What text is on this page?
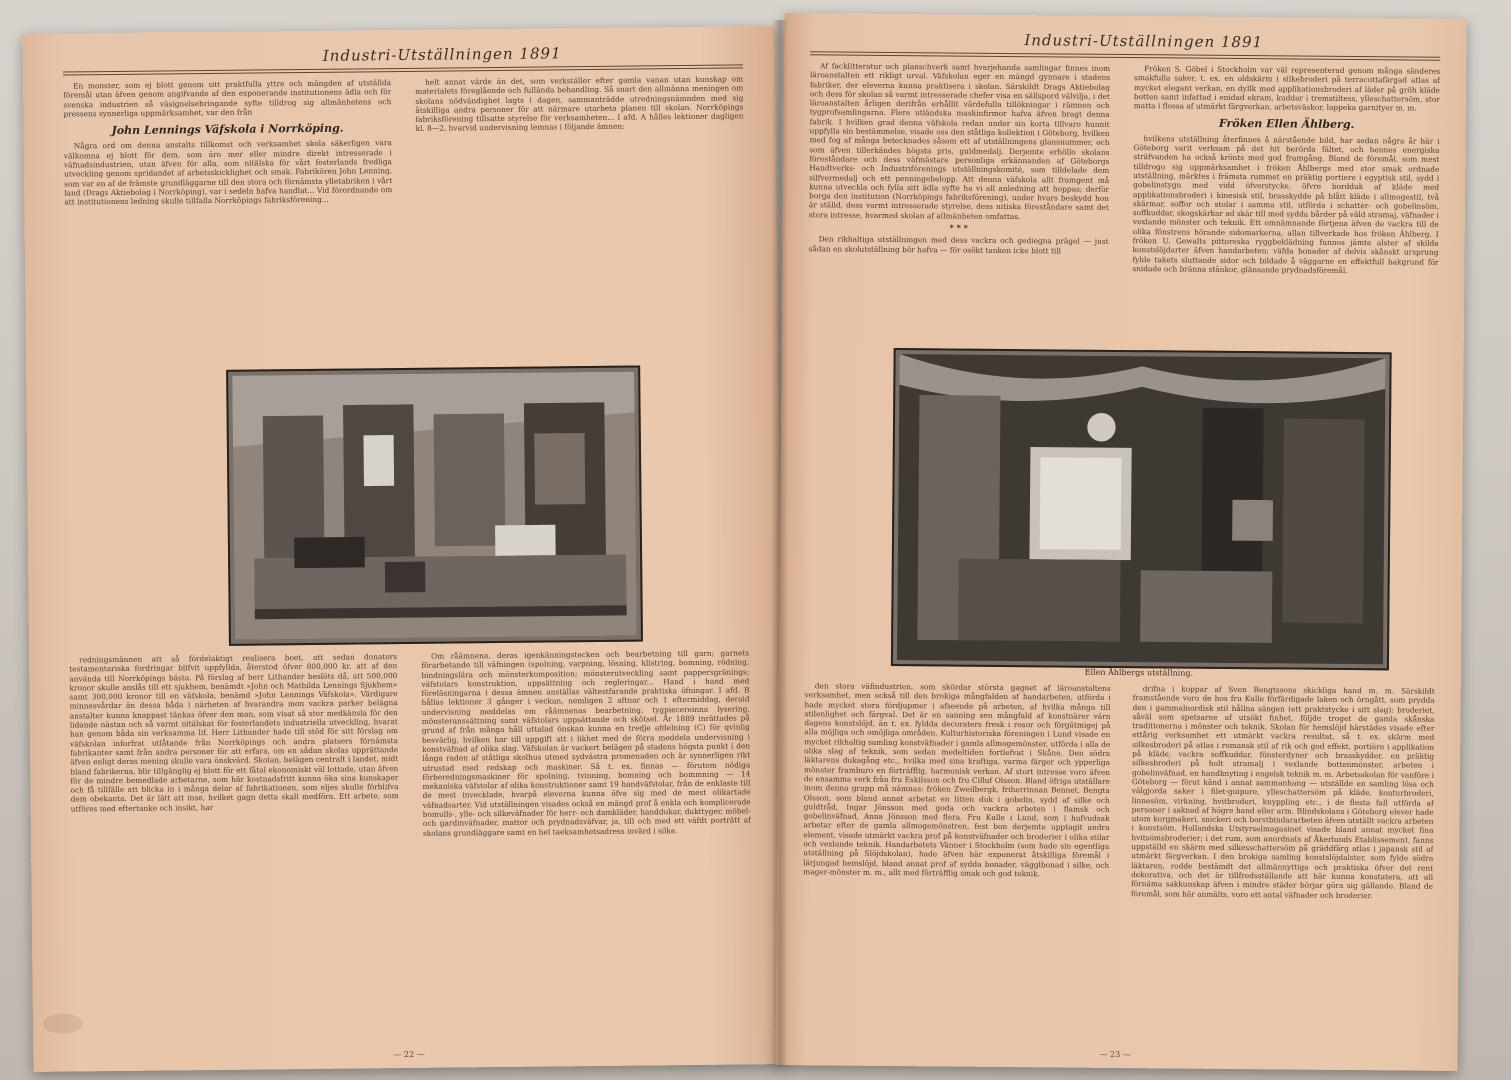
Industri-Utställningen 1891

En monster, som ej blott genom sitt praktfulla yttre och mängden af utställda föremål utan äfven genom angifvande af den exponerande institutionens ädla och för svenska industrien så väsignelsebringande syfte tilldrog sig allmänhetens och pressens synnerliga uppmärksamhet, var den från

John Lennings Väfskola i Norrköping.

Några ord om denna anstalts tillkomst och verksamhet skola säkerligen vara välkomna ej blott för dem, som äro mer eller mindre direkt intresserade i väfnadsindustrien, utan äfven för alla, som nitälska för vårt fosterlands fredliga utveckling genom spridandet af arbetsskicklighet och smak. Fabrikören John Lenning, som var en af de främste grundläggarne till den stora och förnämsta ylletabriken i vårt land (Drags Aktiebolag i Norrköping), var i sedeln hafva handlat... Vid förordnande om att institutionens ledning skulle tillfalla Norrköpings fabriksförening...

helt annat värde än det, som verkställer efter gamla vanan utan kunskap om materialets föreglående och fullända behandling. Så snart den allmänna meningen om skolans nödvändighet lagts i dagen, sammanträdde utredningsnämnden med sig åtskilliga andra personer för att närmare utarbeta planen till skolan. Norrköpings fabriksförening tillsatte styrelse för verksamheten... I afd. A hålles lektioner dagligen kl. 8—2, hvarvid undervisning lemnas i följande ämnen:

redningsmännen att så fördelaktigt realisera boet, att sedan donators testamentariska fordringar blifvit uppfyllda, återstod öfver 800,000 kr. att af den använda till Norrköpings bästa. På förslag af herr Lithander beslöts då, att 500,000 kronor skulle anslås till ett sjukhem, benämdt »John och Mathilda Lennings Sjukhem» samt 300,000 kronor till en väfskola, benämd »John Lennings Väfskola». Värdigare minnesvårdar än dessa båda i närheten af hvarandra mon vackra parker belägna anstalter kunna knappast tänkas öfver den man, som visat så stor medkänsla för den lidande nästan och så varmt nitälskat för fosterlandets industriella utveckling, hvarat han genom båda sin verksamma lif. Herr Lithander hade till stöd för sitt förslag om väfskolan inforfrat utlåtande från Norrköpings och andra platsers förnämsta fabrikanter samt från andra personer för att erfara, om en sådan skolas upprättande äfven enligt deras mening skulle vara önskvärd. Skolan, belägen centralt i landet, midt bland fabrikerna, blir tillgänglig ej blott för ett fåtal ekonomiskt väl lottade, utan äfven för de mindre bemedlade arbetarne, som här kostnadsfritt kunna öka sina kunskaper och få tillfälle att blicka in i många delar af fabrikationen, som eljes skulle förblifva dem obekanta. Det är lätt att inse, hvilket gagn detta skall medföra. Ett arbete, som utföres med eftertanke och insikt, har

Om råämnena, deras igenkänningstecken och bearbetning till garn; garnets förarbetande till väfningen (spolning, varpning, lösning, klistring, bomning, rödning, bindningslära och mönsterkomposition; mönsterutveckling samt pappersgränings; väfstolars konstruktion, uppsättning och regleringar... Hand i hand med föreläsningarna i dessa ämnen anställas vältestfarande praktiska öfningar. I afd. B hållas lektioner 3 gånger i veckan, nemligen 2 aftnar och 1 eftermiddag, deraid undervisning meddelas om råämnenas bearbetning, tygpiecereinna lysering, mönsteranssättning samt väfstolars uppsättande och skötsel. År 1889 inrättades på grund af från många håll uttalad önskan kunna en tredje afdelning (C) för qvinlig besvärlig, hvilken har till uppgift att i likhet med de förra meddela undervisning i konstväfnad af olika slag. Väfskolan är vackert belägen på stadens högsta punkt i den långa raden af ståtliga skolhus utmed sydvästra promenaden och är synnerligen rikt utrustad med redskap och maskiner. Så t. ex. finnas — förutom nödiga förberedningsmaskiner för spolning, tvinning, bomning och bommning — 14 mekaniska väfstolar af olika konstruktioner samt 19 handväfstolar, från de enklaste till de mest invecklade, hvarpå eleverna kunna öfva sig med de mest olikartade väfnadsarter. Vid utställningen visades också en mängd prof å enkla och komplicerade bomulls-, ylle- och silkeväfnader för herr- och damkläder, handdukar, dukttyger, möbel- och gardinväfnader, mattor och prydnadsväfvar, ja, till och med ett väfdt porträtt af skolans grundläggare samt en hel taeksamhetsadress invärd i silke.

— 22 —
Industri-Utställningen 1891

Af facklitteratur och planschverk samt hvarjehanda samlingar finnes inom läroanstalten ett rikligt urval. Väfskolan eger en mängd gynnare i stadens fabriker, der eleverna kunna praktisera i skolan. Särskildt Drags Aktiebolag och dess för skolan så varmt intresserade chefer visa en sällspord välvilja, i det läroanstalten årligen derifrån erhållit värdefulla tillökningar i rämnen och tygprofsamlingarna. Flere utländska maskinfirmor hafva äfven bragt denna fabrik. I hvilken grad denna väfskola redan under sin korta tillvaro hunnit uppfylla sin bestämmelse, visade oss den ståtliga kollektion i Göteborg, hvilken med fog af många betecknades såsom ett af utställningens glansnummer, och som äfven tillerkändes högsta pris, guldmedalj. Derjemte erhöllo skolans föreståndare och dess väfmästare personliga erkännanden af Göteborgs Handtverks- och Industriförenings utställningskomité, som tilldelade dem silfvermedalj och ett penningebelopp. Att denna väfskola allt framgent må kunna utveckla och fylla sitt ädla syfte ha vi all anledning att hoppas; derför borga den institution (Norrköpings fabriksförening), under hvars beskydd hon är ställd, dess varmt intresserade styrelse, dess nitiska föreståndare samt det stora intresse, hvarmed skolan af allmänheten omfattas.

* * *

Den rikhaltiga utställningen med dess vackra och gediegna prägel — just sådan en skolutställning bör hafva — för osökt tanken icke blott till

Fröken S. Göbel i Stockholm var väl representerad genom många sänderes smakfulla saker, t. ex. en oldskärm i silkebroderi på terracottafärgad atlas af mycket elegant verkan, en dyllk med applikationsbroderi af läder på gröh kläde botten samt infattad i enidad ekram, kuddar i tremstiltess, ylleschattersöm, stor matta i flossa af utmärkt färgverkan, arbetsväskor, lappeka garnityer m. m.

Fröken Ellen Ählberg.

hvilkens utställning återfinnes å närstående bild, har sedan några år här i Göteborg varit verksam på det hit berörda fältet, och hennes energiska sträfvanden ha också krönts med god framgång. Bland de föremål, som mest tilldrogo sig uppmärksamhet i fröken Åhlbergs med stor smak ordnade utställning, märktes i främsta rummet en präktig portiere i egyptisk stil, sydd i gobelinstygn med vidd öfverstycke, öfvre bordduk af kläde med applikationsbroderi i kinesisk stil, brasskydde på blått kläde i allmogestil, två skärmar, soffor och stolar i samma stil, utförda i schattèr- och gobelinsöm, soffkuddar, skogskärkar ad skär till med sydda bårder på väld stramaj, väfnader i vexlande mönster och teknik. Ett omnämnande förtjena äfven de vackra till de olika fönstrens hörande sidomarkerna, allan tillverkade hos fröken Ählberg. I fröken U. Gewalts pittoreska ryggbeklädning funnos jämte alster af skilda konstslöjdarter äfven handarbeten; väfda bonader af delvis skånskt ursprung fylde takets sluttande sidor och bildade å väggarne en effektfull bakgrund för snidade och bränna stänkor, glänsande prydnadsföremål.

Ellen Åhlbergs utställning.

den stora väfindustrien, som skördar största gagnet af läroanstaltens verksamhet, men också till den brokiga mångfalden af handarbeten, utförda i hade mycket stora fördjupmer i afseende på arbeten, af hvilka många till stilenlighet och färgval. Det är en sanning sen mångfald af konstnärer värn dagens konstslöjd, än t. ex. fyldda decoraters fresk i rosor och förgätmigej på alla möjliga och omöjliga områden. Kulturhistoriska föreningen i Lund visade en mycket rikhaltig samling konstväfnader i gamla allmogemönster, utförda i alla de olika slag af teknik, som sedan medeltiden fortlefvat i Skåne. Den södra läktarens dukagång etc., hvilka med sina kraftiga, varma färger och ypperliga mönster framburo en förträfflig, harmonisk verkan. Af stort intresse voro äfven de ensamma verk från fru Eskilsson och fru Cilluf Olsson. Bland öfriga utställare inom denna grupp må nämnas: fröken Zweilbergk, friherrinnan Bennet, Bengta Olsson, som bland annat arbetat en litten duk i gobelin, sydd af silke och guldtråd, Ingar Jönsson med goda och vackra arbeten i flamsk och gobelinväfnad, Anna Jönsson med flera. Fru Kulle i Lund, som i hufvudsak arbetar efter de gamla allmogemönstren, fest bon derjemte upptagit andra element, visade utmärkt vackra prof på konstväfnader och broderier i olika stilar och vexlande teknik. Handarbetets Vänner i Stockholm (som hade sin egentliga utställning på Slöjdskolan), hade äfven här exponerat åtskilliga föremål i lärjungad hemslöjd, bland annat prof af sydda bonader, vägglbonad i silke, och mager-mönster m. m., allt med förträfflig smak och god teknik.

drifna i koppar af Sven Bengtssons skickliga hand m. m. Särskildt framstående voro de hos fru Kulle förfärdigade laken och örngått, som prydda den i gammalnordisk stil hållna sängen (ett praktstycke i sitt slag); broderiet, såväl som spetsarne af utsökt finhet, följde troget de gamla skånska traditionerna i mönster och teknik. Skolan för hemslöjd härstädes visade efter ettårig verksamhet ett utmärkt vackra resultat, så t. ex. skärm med silkesbroderi på atlas i romansk stil af rik och god effekt, portière i applikation på kläde, vackra soffkuddar, fönsterdyner och brasskydder, en präktig silkesbroderi på holt stramalj i vexlande bottenmönster, arbeten i gobelinväfnad, en handknyting i engelsk teknik m. m. Arbetsskolan för vanföre i Göteborg — förut känd i annat sammanhang — utställde en samling lösa och välgjorda saker i filet-guipure, ylleschattersöm på kläde, konturbroderi, linnesöm, virkning, hvitbroderi, knyppling etc., i de flesta fall utförda af personer i saknad af högre hand eller arm. Blindskolans i Göteborg elever hade utom korgmakeri, snickeri och borstbindararbeten äfven utställt vackra arbeten i konstsöm. Hollandska Utstyrselmagasinet visade bland annat mycket fina hvitsömsbroderier; i det rum, som anordnats af Åkerlunds Etablissement, fanns uppställd en skärm med silkesschattersöm på gräddfärg atlas i japansk stil af utmärkt färgverkan. I den brokiga samling konstslöjdalster, som fylde södra läktaren, rodde bestämdt det allmännyttiga och praktiska öfver det rent dekorativa, och det är tillfredsställande att här kunna konstatera, att all förnäma sakkunskap äfven i mindre städer börjar göra sig gällande. Bland de föremål, som här anmälts, voro ett antal väfnader och broderier.

— 23 —
